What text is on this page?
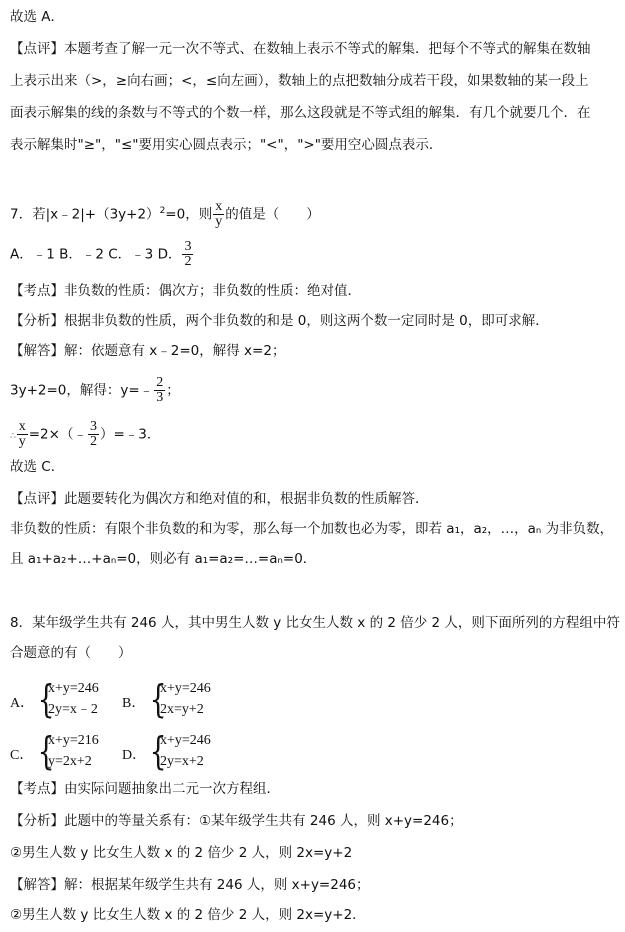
故选 A．
【点评】本题考查了解一元一次不等式、在数轴上表示不等式的解集．把每个不等式的解集在数轴
上表示出来（>，≥向右画；<，≤向左画），数轴上的点把数轴分成若干段，如果数轴的某一段上
面表示解集的线的条数与不等式的个数一样，那么这段就是不等式组的解集．有几个就要几个．在
表示解集时"≥"，"≤"要用实心圆点表示；"<"，">"要用空心圆点表示．
7．若$|x﹣2|+(3y+2)^2=0$，则 $\frac{x}{y}$ 的值是（　　）
A．﹣1 B．﹣2 C．﹣3 D． $\frac{3}{2}$
【考点】非负数的性质：偶次方；非负数的性质：绝对值．
【分析】根据非负数的性质，两个非负数的和是 0，则这两个数一定同时是 0，即可求解．
【解答】解：依题意有 x﹣2=0，解得 x=2；
3y+2=0，解得：y=﹣ $\frac{2}{3}$ ；
∴ $\frac{x}{y}$ =2×（﹣ $\frac{3}{2}$ ）=﹣3．
故选 C．
【点评】此题要转化为偶次方和绝对值的和，根据非负数的性质解答．
非负数的性质：有限个非负数的和为零，那么每一个加数也必为零，即若 a₁，a₂，…，aₙ 为非负数，
且 a₁+a₂+…+aₙ=0，则必有 a₁=a₂=…=aₙ=0．
8．某年级学生共有 246 人，其中男生人数 y 比女生人数 x 的 2 倍少 2 人，则下面所列的方程组中符
合题意的有（　　）
A． {
x+y=246
2y=x﹣2 B． {
x+y=246
2x=y+2
C． {
x+y=216
y=2x+2 D． {
x+y=246
2y=x+2
【考点】由实际问题抽象出二元一次方程组．
【分析】此题中的等量关系有：①某年级学生共有 246 人，则 x+y=246；
②男生人数 y 比女生人数 x 的 2 倍少 2 人，则 2x=y+2
【解答】解：根据某年级学生共有 246 人，则 x+y=246；
②男生人数 y 比女生人数 x 的 2 倍少 2 人，则 2x=y+2．
